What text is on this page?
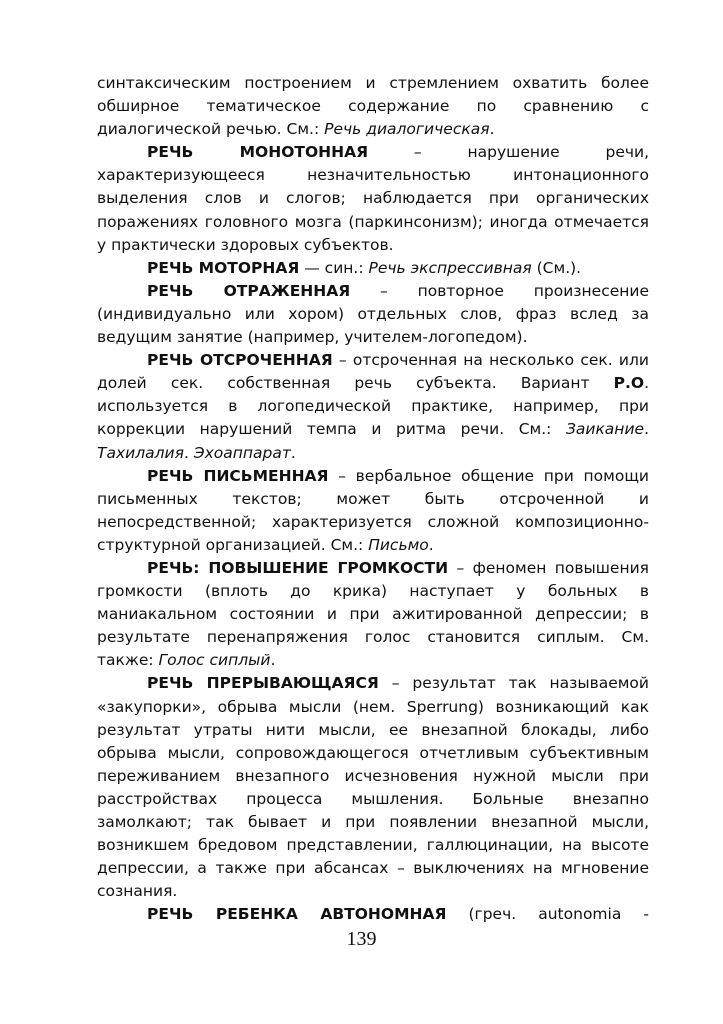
синтаксическим построением и стремлением охватить более обширное тематическое содержание по сравнению с диалогической речью. См.: Речь диалогическая.

РЕЧЬ МОНОТОННАЯ – нарушение речи, характеризующееся незначительностью интонационного выделения слов и слогов; наблюдается при органических поражениях головного мозга (паркинсонизм); иногда отмечается у практически здоровых субъектов.

РЕЧЬ МОТОРНАЯ — син.: Речь экспрессивная (См.).

РЕЧЬ ОТРАЖЕННАЯ – повторное произнесение (индивидуально или хором) отдельных слов, фраз вслед за ведущим занятие (например, учителем-логопедом).

РЕЧЬ ОТСРОЧЕННАЯ – отсроченная на несколько сек. или долей сек. собственная речь субъекта. Вариант Р.О. используется в логопедической практике, например, при коррекции нарушений темпа и ритма речи. См.: Заикание. Тахилалия. Эхоаппарат.

РЕЧЬ ПИСЬМЕННАЯ – вербальное общение при помощи письменных текстов; может быть отсроченной и непосредственной; характеризуется сложной композиционно-структурной организацией. См.: Письмо.

РЕЧЬ: ПОВЫШЕНИЕ ГРОМКОСТИ – феномен повышения громкости (вплоть до крика) наступает у больных в маниакальном состоянии и при ажитированной депрессии; в результате перенапряжения голос становится сиплым. См. также: Голос сиплый.

РЕЧЬ ПРЕРЫВАЮЩАЯСЯ – результат так называемой «закупорки», обрыва мысли (нем. Sperrung) возникающий как результат утраты нити мысли, ее внезапной блокады, либо обрыва мысли, сопровождающегося отчетливым субъективным переживанием внезапного исчезновения нужной мысли при расстройствах процесса мышления. Больные внезапно замолкают; так бывает и при появлении внезапной мысли, возникшем бредовом представлении, галлюцинации, на высоте депрессии, а также при абсансах – выключениях на мгновение сознания.

РЕЧЬ РЕБЕНКА АВТОНОМНАЯ (греч. autonomia -

139
